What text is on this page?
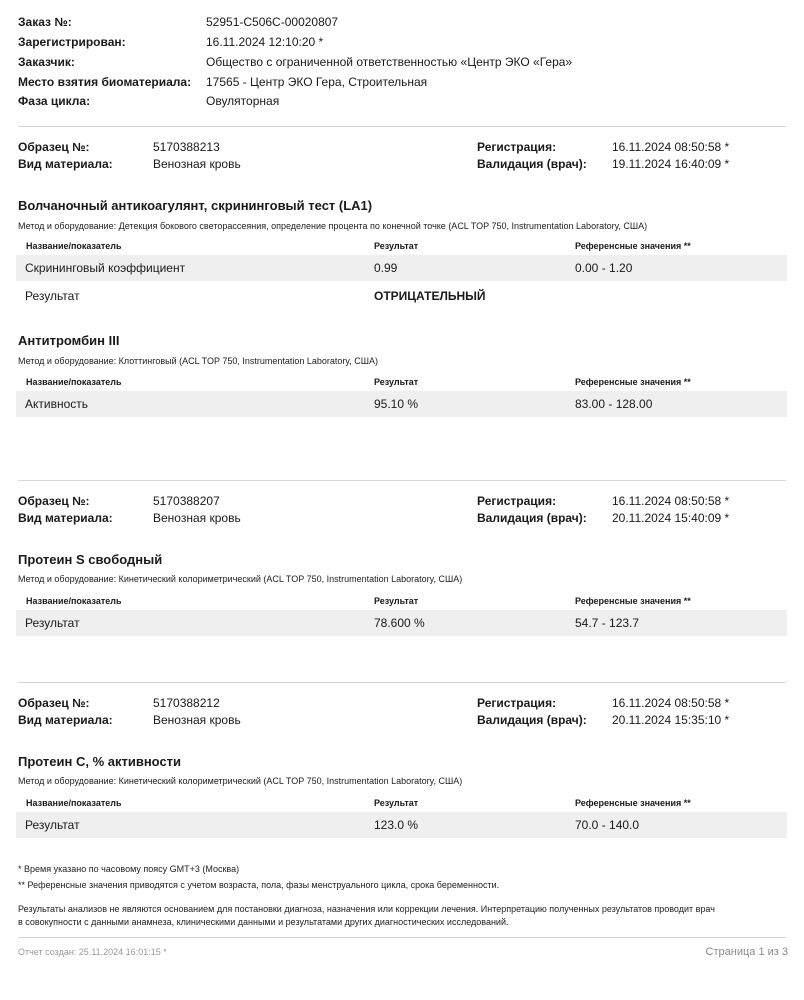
Заказ №:	52951-C506C-00020807
Зарегистрирован:	16.11.2024 12:10:20 *
Заказчик:	Общество с ограниченной ответственностью «Центр ЭКО «Гера»
Место взятия биоматериала: 17565 - Центр ЭКО Гера, Строительная
Фаза цикла:	Овуляторная
Образец №:	5170388213
Вид материала:	Венозная кровь
Регистрация:	16.11.2024 08:50:58 *
Валидация (врач): 19.11.2024 16:40:09 *
Волчаночный антикоагулянт, скрининговый тест (LA1)
Метод и оборудование: Детекция бокового светорассеяния, определение процента по конечной точке (ACL TOP 750, Instrumentation Laboratory, США)
Название/показатель	Результат	Референсные значения **
Скрининговый коэффициент	0.99	0.00 - 1.20
Результат	ОТРИЦАТЕЛЬНЫЙ
Антитромбин III
Метод и оборудование: Клоттинговый (ACL TOP 750, Instrumentation Laboratory, США)
Название/показатель	Результат	Референсные значения **
Активность	95.10 %	83.00 - 128.00
Образец №:	5170388207
Вид материала:	Венозная кровь
Регистрация:	16.11.2024 08:50:58 *
Валидация (врач): 20.11.2024 15:40:09 *
Протеин S свободный
Метод и оборудование: Кинетический колориметрический (ACL TOP 750, Instrumentation Laboratory, США)
Название/показатель	Результат	Референсные значения **
Результат	78.600 %	54.7 - 123.7
Образец №:	5170388212
Вид материала:	Венозная кровь
Регистрация:	16.11.2024 08:50:58 *
Валидация (врач): 20.11.2024 15:35:10 *
Протеин С, % активности
Метод и оборудование: Кинетический колориметрический (ACL TOP 750, Instrumentation Laboratory, США)
Название/показатель	Результат	Референсные значения **
Результат	123.0 %	70.0 - 140.0
* Время указано по часовому поясу GMT+3 (Москва)
** Референсные значения приводятся с учетом возраста, пола, фазы менструального цикла, срока беременности.
Результаты анализов не являются основанием для постановки диагноза, назначения или коррекции лечения. Интерпретацию полученных результатов проводит врач
в совокупности с данными анамнеза, клиническими данными и результатами других диагностических исследований.
Отчет создан: 25.11.2024 16:01:15 *	Страница 1 из 3
